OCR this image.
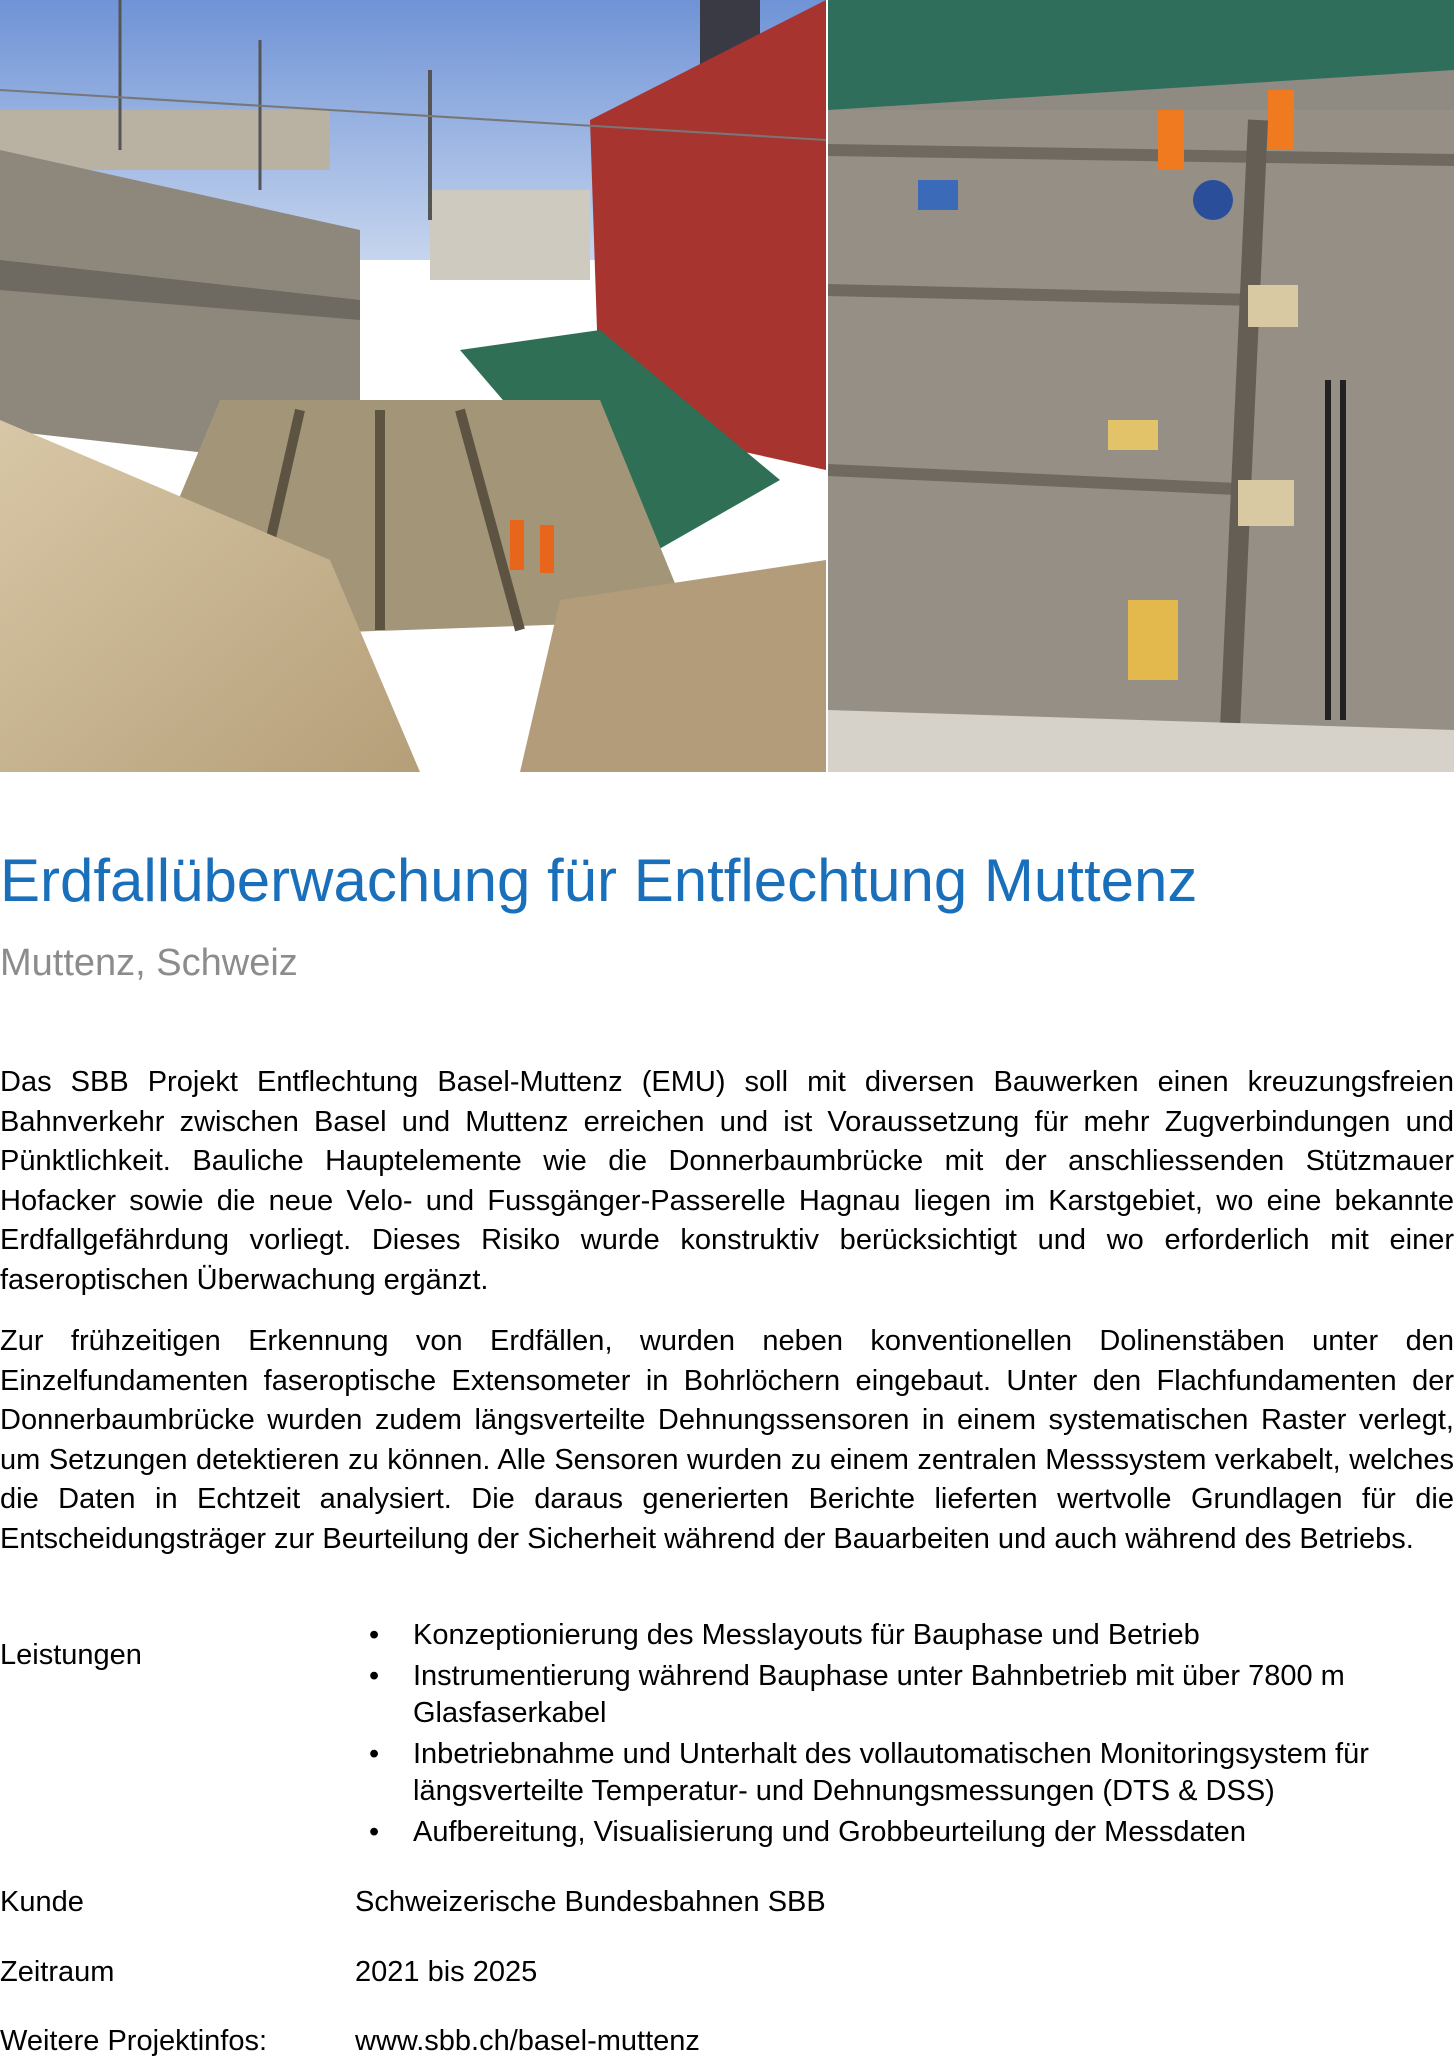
Erdfallüberwachung für Entflechtung Muttenz
Muttenz, Schweiz

Das SBB Projekt Entflechtung Basel-Muttenz (EMU) soll mit diversen Bauwerken einen kreuzungsfreien Bahnverkehr zwischen Basel und Muttenz erreichen und ist Voraussetzung für mehr Zugverbindungen und Pünktlichkeit. Bauliche Hauptelemente wie die Donnerbaumbrücke mit der anschliessenden Stützmauer Hofacker sowie die neue Velo- und Fussgänger-Passerelle Hagnau liegen im Karstgebiet, wo eine bekannte Erdfallgefährdung vorliegt. Dieses Risiko wurde konstruktiv berücksichtigt und wo erforderlich mit einer faseroptischen Überwachung ergänzt.

Zur frühzeitigen Erkennung von Erdfällen, wurden neben konventionellen Dolinenstäben unter den Einzelfundamenten faseroptische Extensometer in Bohrlöchern eingebaut. Unter den Flachfundamenten der Donnerbaumbrücke wurden zudem längsverteilte Dehnungssensoren in einem systematischen Raster verlegt, um Setzungen detektieren zu können. Alle Sensoren wurden zu einem zentralen Messsystem verkabelt, welches die Daten in Echtzeit analysiert. Die daraus generierten Berichte lieferten wertvolle Grundlagen für die Entscheidungsträger zur Beurteilung der Sicherheit während der Bauarbeiten und auch während des Betriebs.

Leistungen
• Konzeptionierung des Messlayouts für Bauphase und Betrieb
• Instrumentierung während Bauphase unter Bahnbetrieb mit über 7800 m Glasfaserkabel
• Inbetriebnahme und Unterhalt des vollautomatischen Monitoringsystem für längsverteilte Temperatur- und Dehnungsmessungen (DTS & DSS)
• Aufbereitung, Visualisierung und Grobbeurteilung der Messdaten
Kunde	Schweizerische Bundesbahnen SBB
Zeitraum	2021 bis 2025
Weitere Projektinfos:	www.sbb.ch/basel-muttenz
